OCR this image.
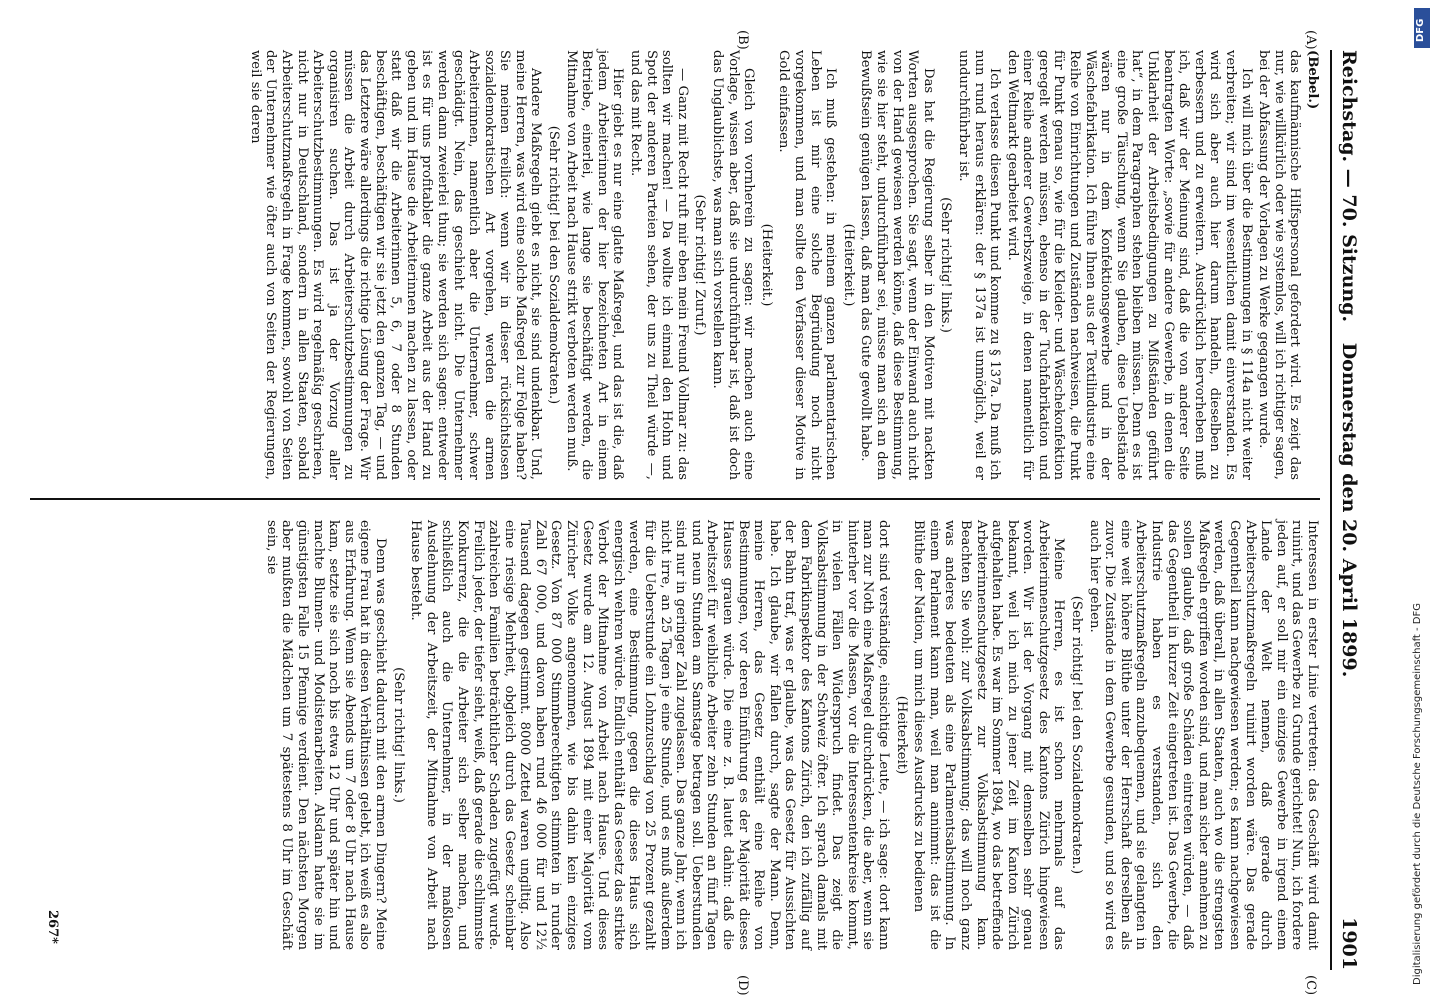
Reichstag. — 70. Sitzung.
Donnerstag den 20. April 1899.
1901
(A)
(B)
(C)
(D)

(Bebel.)

das kaufmännische Hilfspersonal gefordert wird. Es zeigt das nur, wie willkürlich oder wie systemlos, will ich richtiger sagen, bei der Abfassung der Vorlagen zu Werke gegangen wurde.

Ich will mich über die Bestimmungen in § 114a nicht weiter verbreiten; wir sind im wesentlichen damit einverstanden. Es wird sich aber auch hier darum handeln, dieselben zu verbessern und zu erweitern. Ausdrücklich hervorheben muß ich, daß wir der Meinung sind, daß die von anderer Seite beantragten Worte: „sowie für andere Gewerbe, in denen die Unklarheit der Arbeitsbedingungen zu Mißständen geführt hat“, in dem Paragraphen stehen bleiben müssen. Denn es ist eine große Täuschung, wenn Sie glauben, diese Uebelstände wären nur in dem Konfektionsgewerbe und in der Wäschefabrikation. Ich führe Ihnen aus der Textilindustrie eine Reihe von Einrichtungen und Zuständen nachweisen, die Punkt für Punkt genau so, wie für die Kleider- und Wäschekonfektion geregelt werden müssen, ebenso in der Tuchfabrikation und einer Reihe anderer Gewerbszweige, in denen namentlich für den Weltmarkt gearbeitet wird.

Ich verlasse diesen Punkt und komme zu § 137a. Da muß ich nun rund heraus erklären: der § 137a ist unmöglich, weil er undurchführbar ist.

(Sehr richtig! links.)

Das hat die Regierung selber in den Motiven mit nackten Worten ausgesprochen. Sie sagt, wenn der Einwand auch nicht von der Hand gewiesen werden könne, daß diese Bestimmung, wie sie hier steht, undurchführbar sei, müsse man sich an dem Bewußtsein genügen lassen, daß man das Gute gewollt habe.

(Heiterkeit.)

Ich muß gestehen: in meinem ganzen parlamentarischen Leben ist mir eine solche Begründung noch nicht vorgekommen, und man sollte den Verfasser dieser Motive in Gold einfassen.

(Heiterkeit.)

Gleich von vornherein zu sagen: wir machen auch eine Vorlage, wissen aber, daß sie undurchführbar ist, daß ist doch das Unglaublichste, was man sich vorstellen kann.

(Sehr richtig! Zuruf.)

— Ganz mit Recht ruft mir eben mein Freund Vollmar zu: das sollten wir machen! — Da wollte ich einmal den Hohn und Spott der anderen Parteien sehen, der uns zu Theil würde —, und das mit Recht.

Hier giebt es nur eine glatte Maßregel, und das ist die, daß jedem Arbeiterinnen der hier bezeichneten Art in einem Betriebe, einerlei, wie lange sie beschäftigt werden, die Mitnahme von Arbeit nach Hause strikt verboten werden muß.

(Sehr richtig! bei den Sozialdemokraten.)

Andere Maßregeln giebt es nicht, sie sind undenkbar. Und, meine Herren, was wird eine solche Maßregel zur Folge haben? Sie meinen freilich: wenn wir in dieser rücksichtslosen sozialdemokratischen Art vorgehen, werden die armen Arbeiterinnen, namentlich aber die Unternehmer, schwer geschädigt. Nein, das geschieht nicht. Die Unternehmer werden dann zweierlei thun; sie werden sich sagen: entweder ist es für uns profitabler die ganze Arbeit aus der Hand zu geben und im Hause die Arbeiterinnen machen zu lassen, oder statt daß wir die Arbeiterinnen 5, 6, 7 oder 8 Stunden beschäftigen, beschäftigen wir sie jetzt den ganzen Tag, — und das Letztere wäre allerdings die richtige Lösung der Frage. Wir müssen die Arbeit durch Arbeiterschutzbestimmungen zu organisiren suchen. Das ist ja der Vorzug aller Arbeiterschutzbestimmungen. Es wird regelmäßig geschrieen, nicht nur in Deutschland, sondern in allen Staaten, sobald Arbeiterschutzmaßregeln in Frage kommen, sowohl von Seiten der Unternehmer wie öfter auch von Seiten der Regierungen, weil sie deren

Interessen in erster Linie vertreten: das Geschäft wird damit ruinirt, und das Gewerbe zu Grunde gerichtet! Nun, ich fordere jeden auf, er soll mir ein einziges Gewerbe in irgend einem Lande der Welt nennen, daß gerade durch Arbeiterschutzmaßregeln ruinirt worden wäre. Das gerade Gegentheil kann nachgewiesen werden; es kann nachgewiesen werden, daß überall, in allen Staaten, auch wo die strengsten Maßregeln ergriffen worden sind, und man sicher annehmen zu sollen glaubte, daß große Schäden eintreten würden, — daß das Gegentheil in kurzer Zeit eingetreten ist. Das Gewerbe, die Industrie haben es verstanden, sich den Arbeiterschutzmaßregeln anzubequemen, und sie gelangten in eine weit höhere Blüthe unter der Herrschaft derselben als zuvor. Die Zustände in dem Gewerbe gesunden, und so wird es auch hier gehen.

(Sehr richtig! bei den Sozialdemokraten.)

Meine Herren, es ist schon mehrmals auf das Arbeiterinnenschutzgesetz des Kantons Zürich hingewiesen worden. Wir ist der Vorgang mit demselben sehr genau bekannt, weil ich mich zu jener Zeit im Kanton Zürich aufgehalten habe. Es war im Sommer 1894, wo das betreffende Arbeiterinnenschutzgesetz zur Volksabstimmung kam. Beachten Sie wohl: zur Volksabstimmung; das will noch ganz was anderes bedeuten als eine Parlamentsabstimmung. In einem Parlament kann man, weil man annimmt: das ist die Blüthe der Nation, um mich dieses Ausdrucks zu bedienen

(Heiterkeit)

dort sind verständige, einsichtige Leute, — ich sage: dort kann man zur Noth eine Maßregel durchdrücken, die aber, wenn sie hinterher vor die Massen, vor die Interessentenkreise kommt, in vielen Fällen Widerspruch findet. Das zeigt die Volksabstimmung in der Schweiz öfter. Ich sprach damals mit dem Fabrikinspektor des Kantons Zürich, den ich zufällig auf der Bahn traf, was er glaube, was das Gesetz für Aussichten habe. Ich glaube, wir fallen durch, sagte der Mann. Denn, meine Herren, das Gesetz enthält eine Reihe von Bestimmungen, vor deren Einführung es der Majorität dieses Hauses grauen würde. Die eine z. B. lautet dahin: daß die Arbeitszeit für weibliche Arbeiter zehn Stunden an fünf Tagen und neun Stunden am Samstage betragen soll. Ueberstunden sind nur in geringer Zahl zugelassen. Das ganze Jahr, wenn ich nicht irre, an 25 Tagen je eine Stunde, und es muß außerdem für die Ueberstunde ein Lohnzuschlag von 25 Prozent gezahlt werden, eine Bestimmung, gegen die dieses Haus sich energisch wehren würde. Endlich enthält das Gesetz das strikte Verbot der Mitnahme von Arbeit nach Hause. Und dieses Gesetz wurde am 12. August 1894 mit einer Majorität vom Züricher Volke angenommen, wie bis dahin kein einziges Gesetz. Von 87 000 Stimmberechtigten stimmten in runder Zahl 67 000, und davon haben rund 46 000 für und 12½ Tausend dagegen gestimmt. 8000 Zettel waren ungiltig. Also eine riesige Mehrheit, obgleich durch das Gesetz scheinbar zahlreichen Familien beträchtlicher Schaden zugefügt wurde. Freilich jeder, der tiefer sieht, weiß, daß gerade die schlimmste Konkurrenz, die die Arbeiter sich selber machen, und schließlich auch die Unternehmer, in der maßlosen Ausdehnung der Arbeitszeit, der Mitnahme von Arbeit nach Hause besteht.

(Sehr richtig! links.)

Denn was geschieht dadurch mit den armen Dingern? Meine eigene Frau hat in diesen Verhältnissen gelebt, ich weiß es also aus Erfahrung. Wenn sie Abends um 7 oder 8 Uhr nach Hause kam, setzte sie sich noch bis etwa 12 Uhr und später hin und machte Blumen- und Modistenarbeiten. Alsdann hatte sie im günstigsten Falle 15 Pfennige verdient. Den nächsten Morgen aber mußten die Mädchen um 7 spätestens 8 Uhr im Geschäft sein, sie

267*
DFG
Digitalisierung gefördert durch die Deutsche Forschungsgemeinschaft - DFG
